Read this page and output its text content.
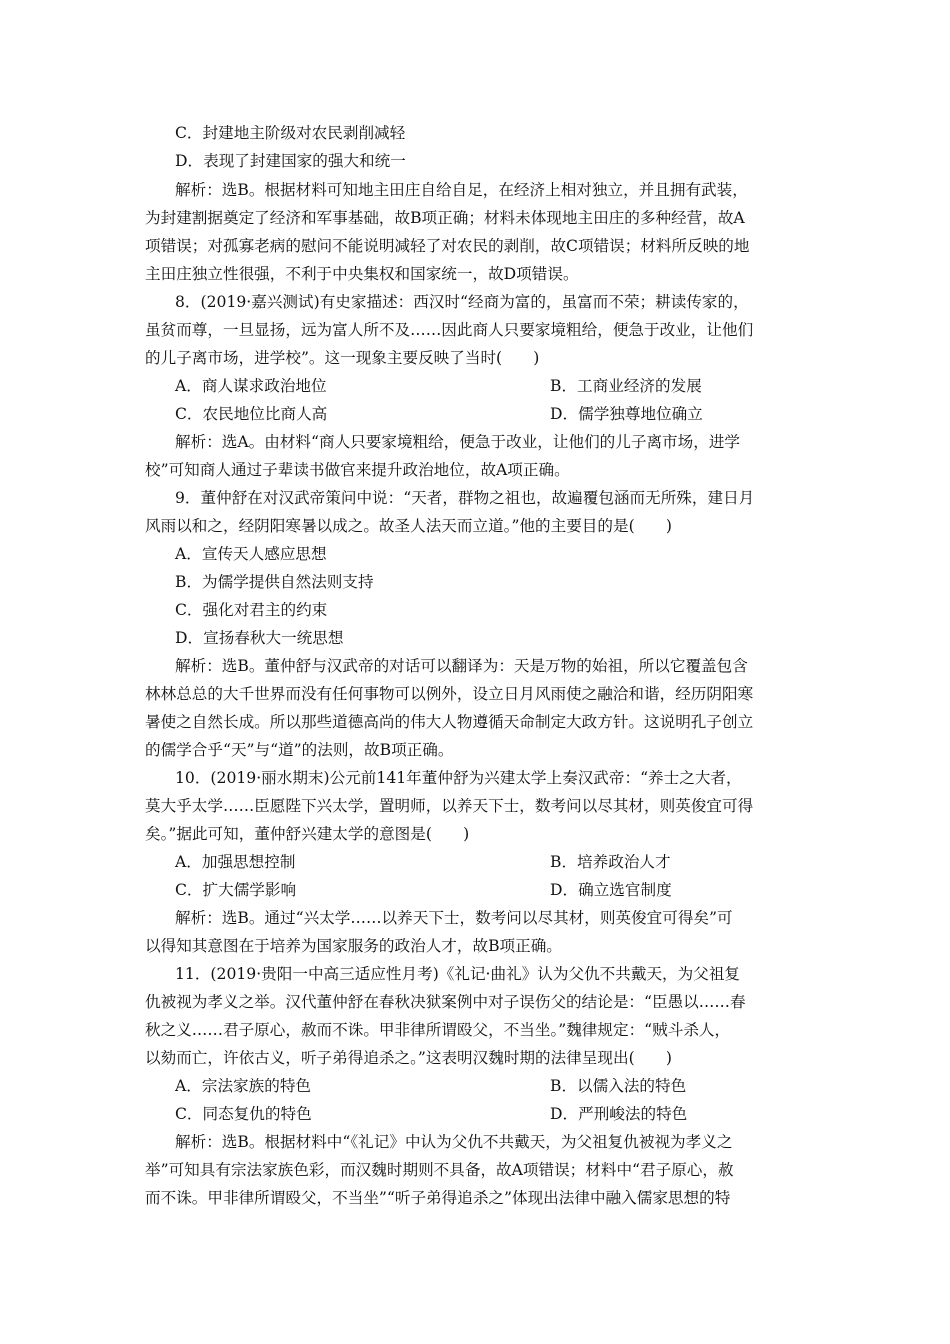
C．封建地主阶级对农民剥削减轻
D．表现了封建国家的强大和统一
解析：选B。根据材料可知地主田庄自给自足，在经济上相对独立，并且拥有武装，
为封建割据奠定了经济和军事基础，故B项正确；材料未体现地主田庄的多种经营，故A
项错误；对孤寡老病的慰问不能说明减轻了对农民的剥削，故C项错误；材料所反映的地
主田庄独立性很强，不利于中央集权和国家统一，故D项错误。
8．(2019·嘉兴测试)有史家描述：西汉时“经商为富的，虽富而不荣；耕读传家的，
虽贫而尊，一旦显扬，远为富人所不及……因此商人只要家境粗给，便急于改业，让他们
的儿子离市场，进学校”。这一现象主要反映了当时(　　)
A．商人谋求政治地位	B．工商业经济的发展
C．农民地位比商人高	D．儒学独尊地位确立
解析：选A。由材料“商人只要家境粗给，便急于改业，让他们的儿子离市场，进学
校”可知商人通过子辈读书做官来提升政治地位，故A项正确。
9．董仲舒在对汉武帝策问中说：“天者，群物之祖也，故遍覆包涵而无所殊，建日月
风雨以和之，经阴阳寒暑以成之。故圣人法天而立道。”他的主要目的是(　　)
A．宣传天人感应思想
B．为儒学提供自然法则支持
C．强化对君主的约束
D．宣扬春秋大一统思想
解析：选B。董仲舒与汉武帝的对话可以翻译为：天是万物的始祖，所以它覆盖包含
林林总总的大千世界而没有任何事物可以例外，设立日月风雨使之融洽和谐，经历阴阳寒
暑使之自然长成。所以那些道德高尚的伟大人物遵循天命制定大政方针。这说明孔子创立
的儒学合乎“天”与“道”的法则，故B项正确。
10．(2019·丽水期末)公元前141年董仲舒为兴建太学上奏汉武帝：“养士之大者，
莫大乎太学……臣愿陛下兴太学，置明师，以养天下士，数考问以尽其材，则英俊宜可得
矣。”据此可知，董仲舒兴建太学的意图是(　　)
A．加强思想控制	B．培养政治人才
C．扩大儒学影响	D．确立选官制度
解析：选B。通过“兴太学……以养天下士，数考问以尽其材，则英俊宜可得矣”可
以得知其意图在于培养为国家服务的政治人才，故B项正确。
11．(2019·贵阳一中高三适应性月考)《礼记·曲礼》认为父仇不共戴天，为父祖复
仇被视为孝义之举。汉代董仲舒在春秋决狱案例中对子误伤父的结论是：“臣愚以……春
秋之义……君子原心，赦而不诛。甲非律所谓殴父，不当坐。”魏律规定：“贼斗杀人，
以劾而亡，许依古义，听子弟得追杀之。”这表明汉魏时期的法律呈现出(　　)
A．宗法家族的特色	B．以儒入法的特色
C．同态复仇的特色	D．严刑峻法的特色
解析：选B。根据材料中“《礼记》中认为父仇不共戴天，为父祖复仇被视为孝义之
举”可知具有宗法家族色彩，而汉魏时期则不具备，故A项错误；材料中“君子原心，赦
而不诛。甲非律所谓殴父，不当坐”“听子弟得追杀之”体现出法律中融入儒家思想的特
